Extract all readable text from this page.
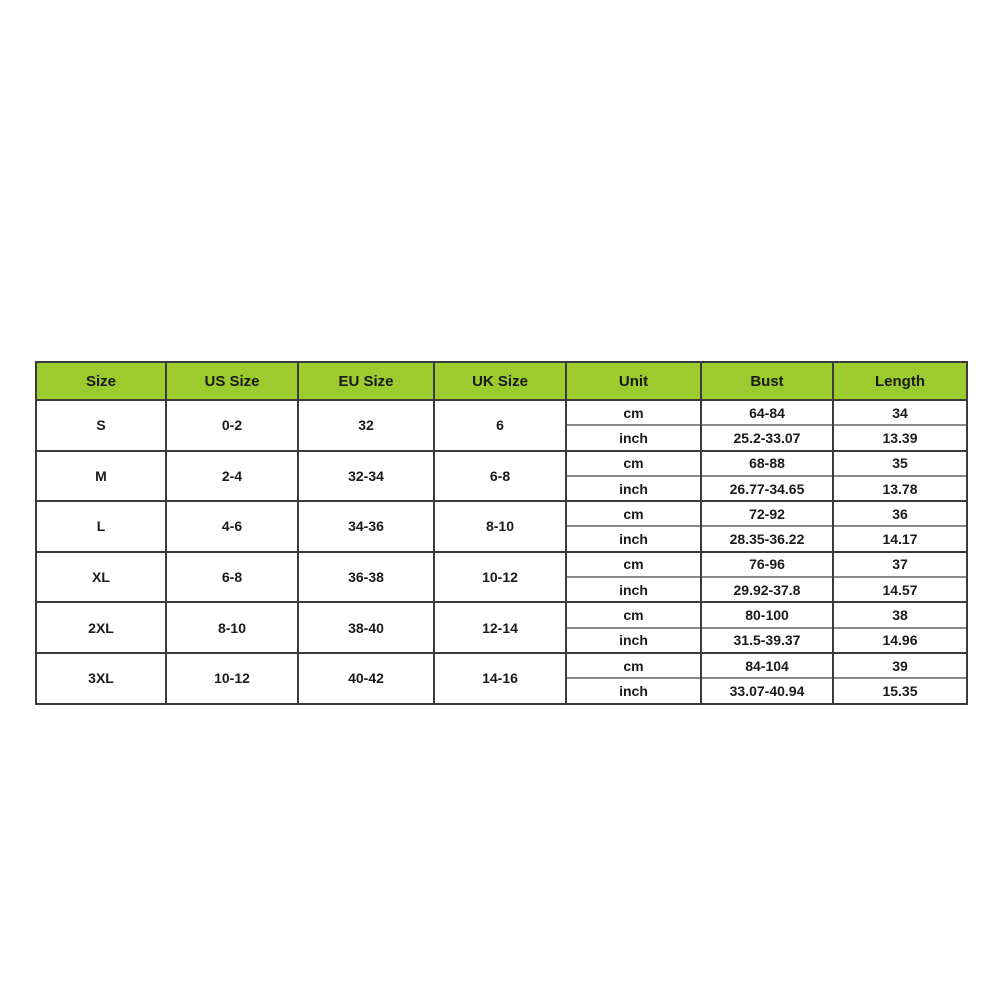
Size	US Size	EU Size	UK Size	Unit	Bust	Length
S	0-2	32	6	cm	64-84	34
				inch	25.2-33.07	13.39
M	2-4	32-34	6-8	cm	68-88	35
				inch	26.77-34.65	13.78
L	4-6	34-36	8-10	cm	72-92	36
				inch	28.35-36.22	14.17
XL	6-8	36-38	10-12	cm	76-96	37
				inch	29.92-37.8	14.57
2XL	8-10	38-40	12-14	cm	80-100	38
				inch	31.5-39.37	14.96
3XL	10-12	40-42	14-16	cm	84-104	39
				inch	33.07-40.94	15.35
